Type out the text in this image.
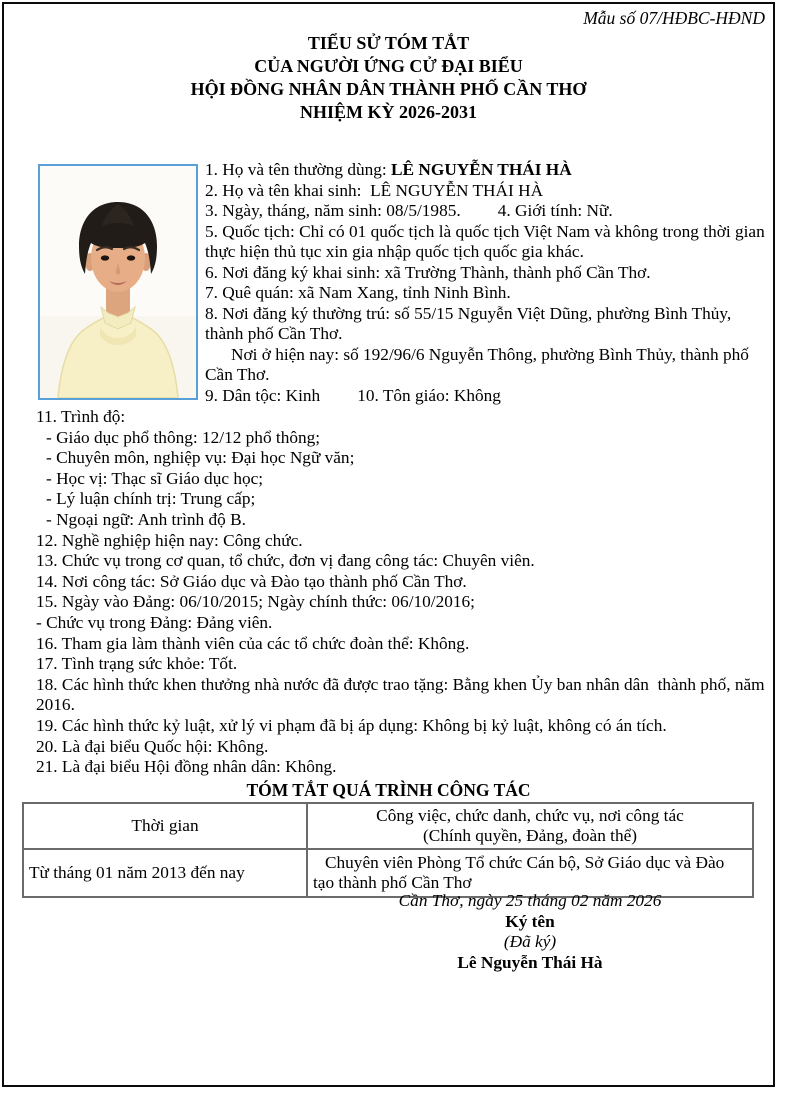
Mẫu số 07/HĐBC-HĐND
TIỂU SỬ TÓM TẮT
CỦA NGƯỜI ỨNG CỬ ĐẠI BIỂU
HỘI ĐỒNG NHÂN DÂN THÀNH PHỐ CẦN THƠ
NHIỆM KỲ 2026-2031

1. Họ và tên thường dùng: LÊ NGUYỄN THÁI HÀ

2. Họ và tên khai sinh:  LÊ NGUYỄN THÁI HÀ

3. Ngày, tháng, năm sinh: 08/5/1985. 4. Giới tính: Nữ.

5. Quốc tịch: Chỉ có 01 quốc tịch là quốc tịch Việt Nam và không trong thời gian thực hiện thủ tục xin gia nhập quốc tịch quốc gia khác.

6. Nơi đăng ký khai sinh: xã Trường Thành, thành phố Cần Thơ.

7. Quê quán: xã Nam Xang, tỉnh Ninh Bình.

8. Nơi đăng ký thường trú: số 55/15 Nguyễn Việt Dũng, phường Bình Thủy, thành phố Cần Thơ.

Nơi ở hiện nay: số 192/96/6 Nguyễn Thông, phường Bình Thủy, thành phố Cần Thơ.

9. Dân tộc: Kinh 10. Tôn giáo: Không

11. Trình độ:
- Giáo dục phổ thông: 12/12 phổ thông;
- Chuyên môn, nghiệp vụ: Đại học Ngữ văn;
- Học vị: Thạc sĩ Giáo dục học;
- Lý luận chính trị: Trung cấp;
- Ngoại ngữ: Anh trình độ B.
12. Nghề nghiệp hiện nay: Công chức.
13. Chức vụ trong cơ quan, tổ chức, đơn vị đang công tác: Chuyên viên.
14. Nơi công tác: Sở Giáo dục và Đào tạo thành phố Cần Thơ.
15. Ngày vào Đảng: 06/10/2015; Ngày chính thức: 06/10/2016;
- Chức vụ trong Đảng: Đảng viên.
16. Tham gia làm thành viên của các tổ chức đoàn thể: Không.
17. Tình trạng sức khỏe: Tốt.
18. Các hình thức khen thưởng nhà nước đã được trao tặng: Bằng khen Ủy ban nhân dân  thành phố, năm 2016.
19. Các hình thức kỷ luật, xử lý vi phạm đã bị áp dụng: Không bị kỷ luật, không có án tích.
20. Là đại biểu Quốc hội: Không.
21. Là đại biểu Hội đồng nhân dân: Không.
TÓM TẮT QUÁ TRÌNH CÔNG TÁC
Thời gian	Công việc, chức danh, chức vụ, nơi công tác
(Chính quyền, Đảng, đoàn thể)

Từ tháng 01 năm 2013 đến nay	Chuyên viên Phòng Tổ chức Cán bộ, Sở Giáo dục và Đào tạo thành phố Cần Thơ

Cần Thơ, ngày 25 tháng 02 năm 2026
Ký tên
(Đã ký)
Lê Nguyễn Thái Hà
